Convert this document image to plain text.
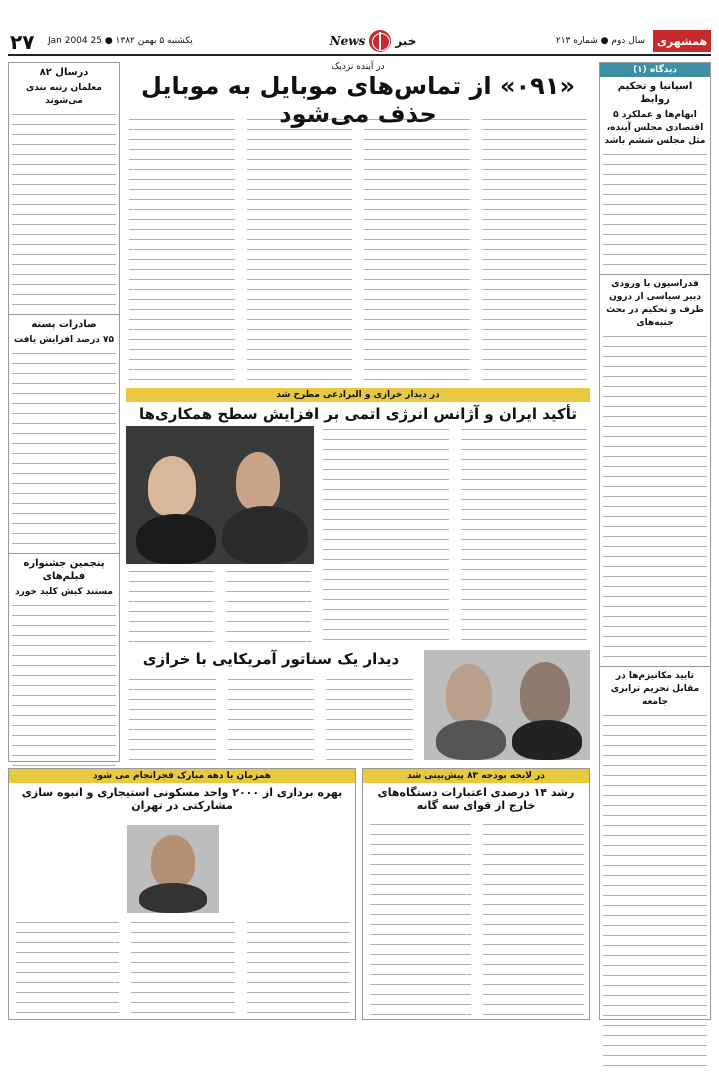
۲۷ یکشنبه ۵ بهمن ۱۳۸۲ ● 25 Jan 2004	News	خبر	سال دوم ● شماره ۲۱۳	همشهری
دیدگاه (۱)
اسپانیا و تحکیم روابط
ابهام‌ها و عملکرد ۵ اقتصادی مجلس آینده، مثل مجلس ششم باشد
فدراسیون با ورودی دبیر سیاسی از درون ظرف و تحکیم در بحث جنبه‌های
تایید مکانیزم‌ها در مقابل تحریم ترابری جامعه
درسال ۸۲
معلمان رتبه بندی می‌شوند
صادرات پسته
۷۵ درصد افزایش یافت
پنجمین جشنواره فیلم‌های
مستند کیش کلید خورد
در آینده نزدیک
«۰۹۱» از تماس‌های موبایل به موبایل حذف می‌شود
در دیدار خرازی و البرادعی مطرح شد
تأکید ایران و آژانس انرژی اتمی بر افزایش سطح همکاری‌ها
دیدار یک سناتور آمریکایی با خرازی
همزمان با دهه مبارک فجرانجام می شود
بهره برداری از ۲۰۰۰ واحد مسکونی استیجاری و انبوه سازی مشارکتی در تهران
در لایحه بودجه ۸۳ پیش‌بینی شد
رشد ۱۴ درصدی اعتبارات دستگاه‌های خارج از قوای سه گانه
